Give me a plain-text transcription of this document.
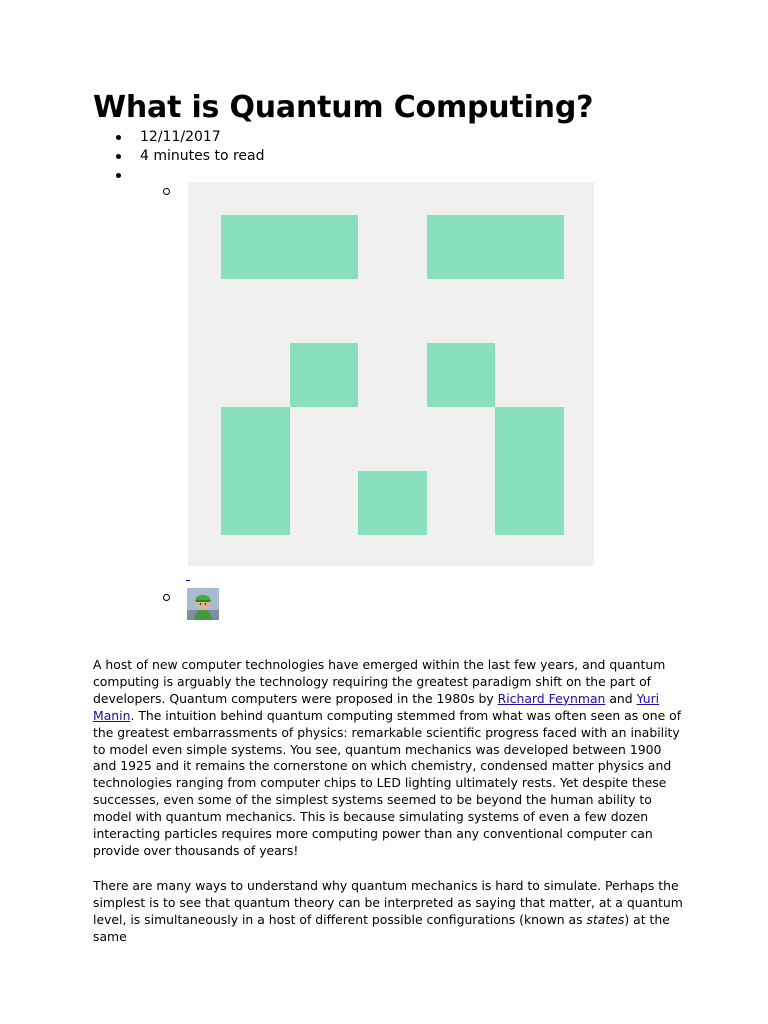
What is Quantum Computing?
12/11/2017
4 minutes to read

A host of new computer technologies have emerged within the last few years, and quantum computing is arguably the technology requiring the greatest paradigm shift on the part of developers. Quantum computers were proposed in the 1980s by Richard Feynman and Yuri Manin. The intuition behind quantum computing stemmed from what was often seen as one of the greatest embarrassments of physics: remarkable scientific progress faced with an inability to model even simple systems. You see, quantum mechanics was developed between 1900 and 1925 and it remains the cornerstone on which chemistry, condensed matter physics and technologies ranging from computer chips to LED lighting ultimately rests. Yet despite these successes, even some of the simplest systems seemed to be beyond the human ability to model with quantum mechanics. This is because simulating systems of even a few dozen interacting particles requires more computing power than any conventional computer can provide over thousands of years!

There are many ways to understand why quantum mechanics is hard to simulate. Perhaps the simplest is to see that quantum theory can be interpreted as saying that matter, at a quantum level, is simultaneously in a host of different possible configurations (known as states) at the same
